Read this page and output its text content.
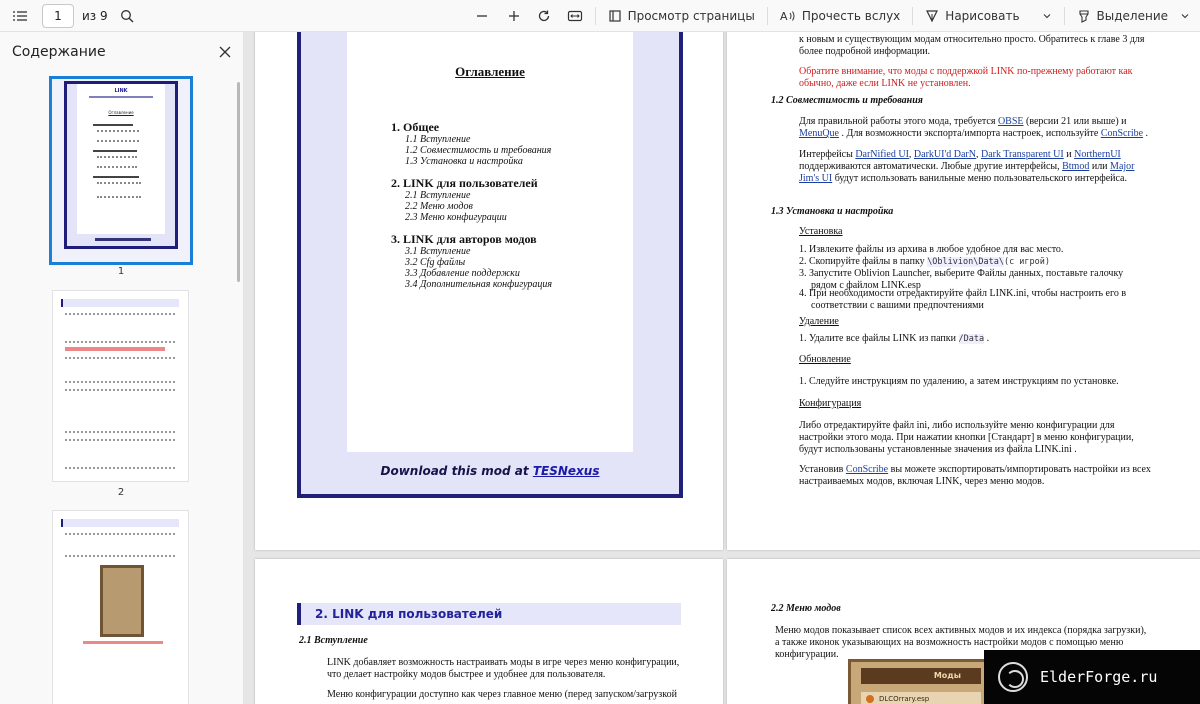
1	из 9	Просмотр страницы A Прочесть вслух	Нарисовать	Выделение
Содержание
LINK
Оглавление
1
2
Оглавление
1. Общее
1.1 Вступление
1.2 Совместимость и требования
1.3 Установка и настройка
2. LINK для пользователей
2.1 Вступление
2.2 Меню модов
2.3 Меню конфигурации
3. LINK для авторов модов
3.1 Вступление
3.2 Cfg файлы
3.3 Добавление поддержки
3.4 Дополнительная конфигурация
Download this mod at TESNexus
к новым и существующим модам относительно просто. Обратитесь к главе 3 для
более подробной информации.
Обратите внимание, что моды с поддержкой LINK по-прежнему работают как
обычно, даже если LINK не установлен.
1.2 Совместимость и требования
Для правильной работы этого мода, требуется OBSE (версии 21 или выше) и
MenuQue . Для возможности экспорта/импорта настроек, используйте ConScribe .
Интерфейсы DarNified UI, DarkUI'd DarN, Dark Transparent UI и NorthernUI
поддерживаются автоматически. Любые другие интерфейсы, Btmod или Major
Jim's UI будут использовать ванильные меню пользовательского интерфейса.
1.3 Установка и настройка
Установка
1. Извлеките файлы из архива в любое удобное для вас место.
2. Скопируйте файлы в папку \Oblivion\Data\(с игрой)
3. Запустите Oblivion Launcher, выберите Файлы данных, поставьте галочку
рядом с файлом LINK.esp
4. При необходимости отредактируйте файл LINK.ini, чтобы настроить его в
соответствии с вашими предпочтениями
Удаление
1. Удалите все файлы LINK из папки /Data .
Обновление
1. Следуйте инструкциям по удалению, а затем инструкциям по установке.
Конфигурация
Либо отредактируйте файл ini, либо используйте меню конфигурации для
настройки этого мода. При нажатии кнопки [Стандарт] в меню конфигурации,
будут использованы установленные значения из файла LINK.ini .
Установив ConScribe вы можете экспортировать/импортировать настройки из всех
настраиваемых модов, включая LINK, через меню модов.
2. LINK для пользователей
2.1 Вступление
LINK добавляет возможность настраивать моды в игре через меню конфигурации,
что делает настройку модов быстрее и удобнее для пользователя.
Меню конфигурации доступно как через главное меню (перед запуском/загрузкой
2.2 Меню модов
Меню модов показывает список всех активных модов и их индекса (порядка загрузки),
а также иконок указывающих на возможность настройки модов с помощью меню
конфигурации.
Моды
DLCOrrary.esp
ElderForge.ru
